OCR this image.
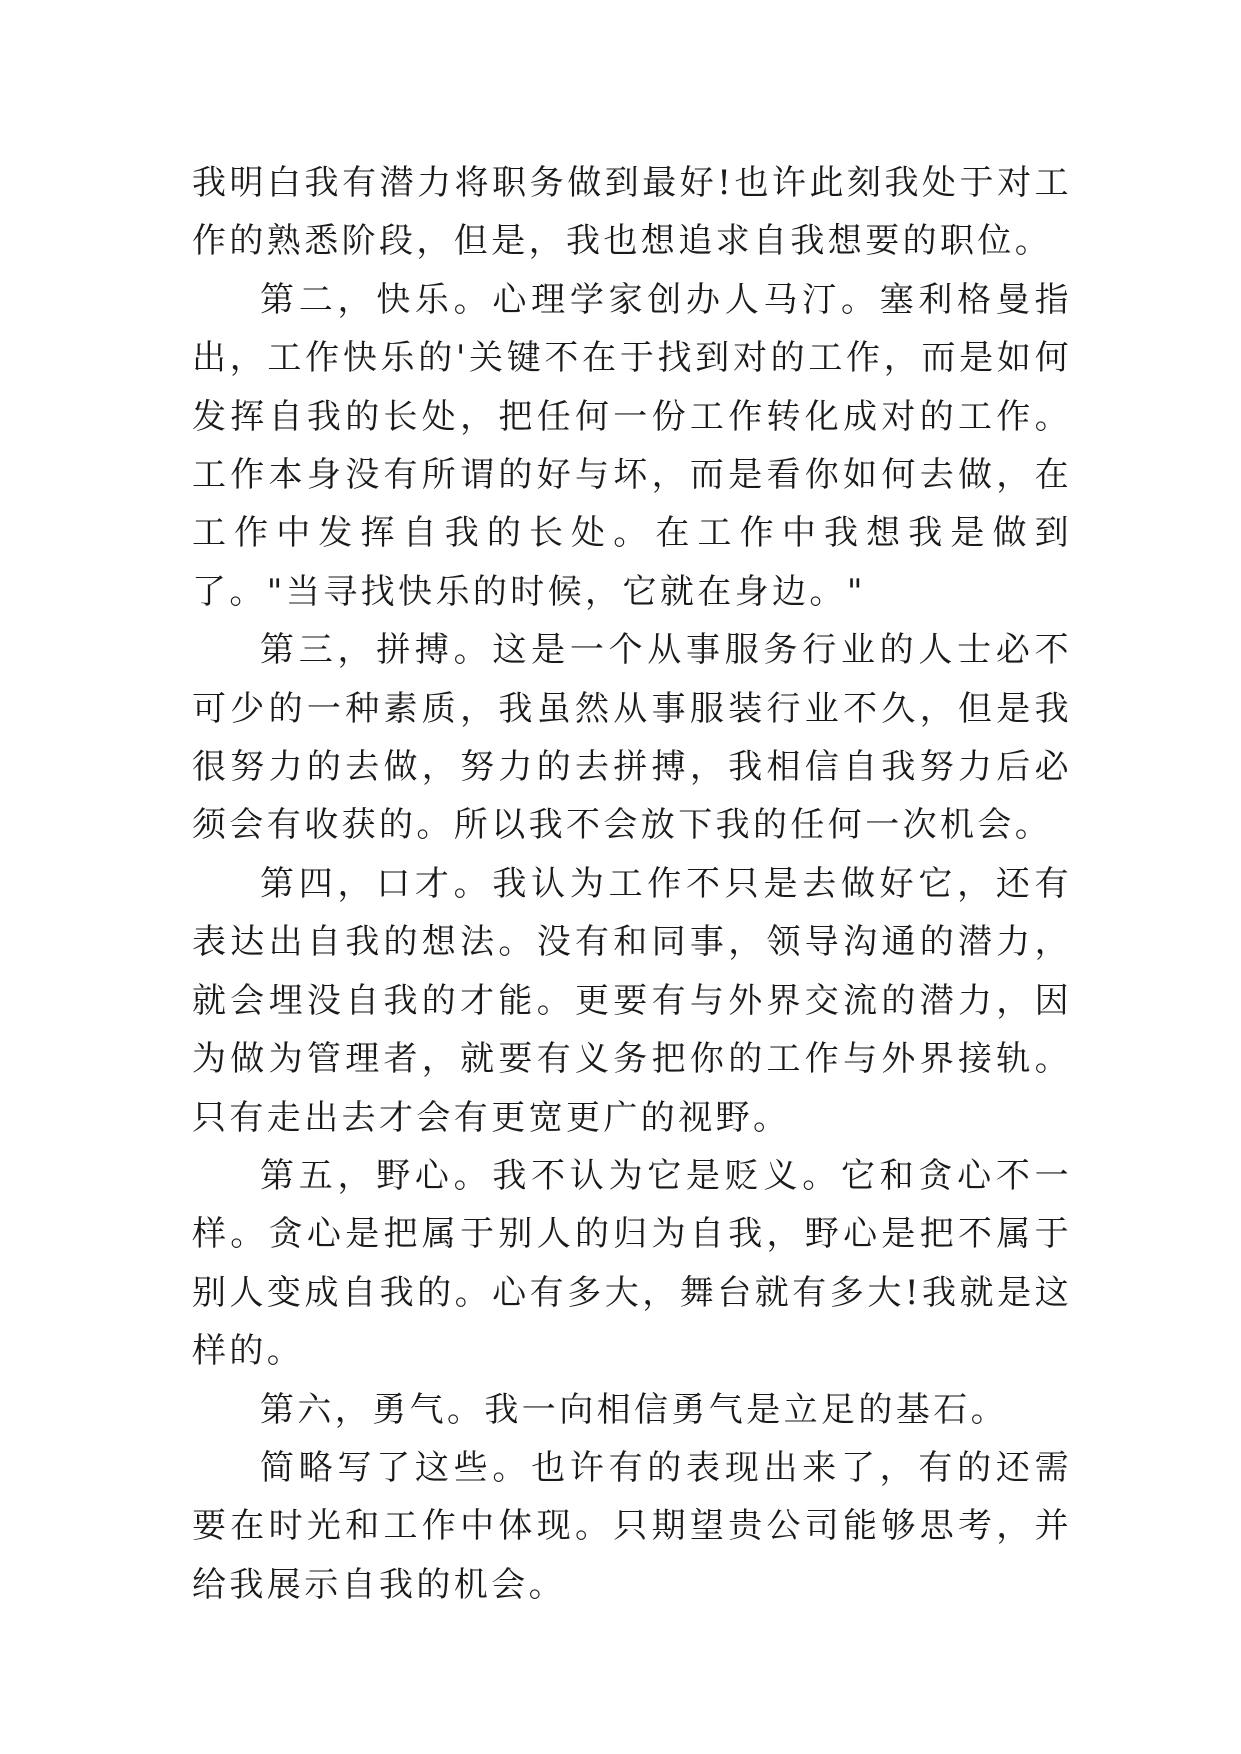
我明白我有潜力将职务做到最好!也许此刻我处于对工作的熟悉阶段，但是，我也想追求自我想要的职位。

第二，快乐。心理学家创办人马汀。塞利格曼指出，工作快乐的'关键不在于找到对的工作，而是如何发挥自我的长处，把任何一份工作转化成对的工作。工作本身没有所谓的好与坏，而是看你如何去做，在工作中发挥自我的长处。在工作中我想我是做到了。"当寻找快乐的时候，它就在身边。"

第三，拼搏。这是一个从事服务行业的人士必不可少的一种素质，我虽然从事服装行业不久，但是我很努力的去做，努力的去拼搏，我相信自我努力后必须会有收获的。所以我不会放下我的任何一次机会。

第四，口才。我认为工作不只是去做好它，还有表达出自我的想法。没有和同事，领导沟通的潜力，就会埋没自我的才能。更要有与外界交流的潜力，因为做为管理者，就要有义务把你的工作与外界接轨。只有走出去才会有更宽更广的视野。

第五，野心。我不认为它是贬义。它和贪心不一样。贪心是把属于别人的归为自我，野心是把不属于别人变成自我的。心有多大，舞台就有多大!我就是这样的。

第六，勇气。我一向相信勇气是立足的基石。

简略写了这些。也许有的表现出来了，有的还需要在时光和工作中体现。只期望贵公司能够思考，并给我展示自我的机会。
